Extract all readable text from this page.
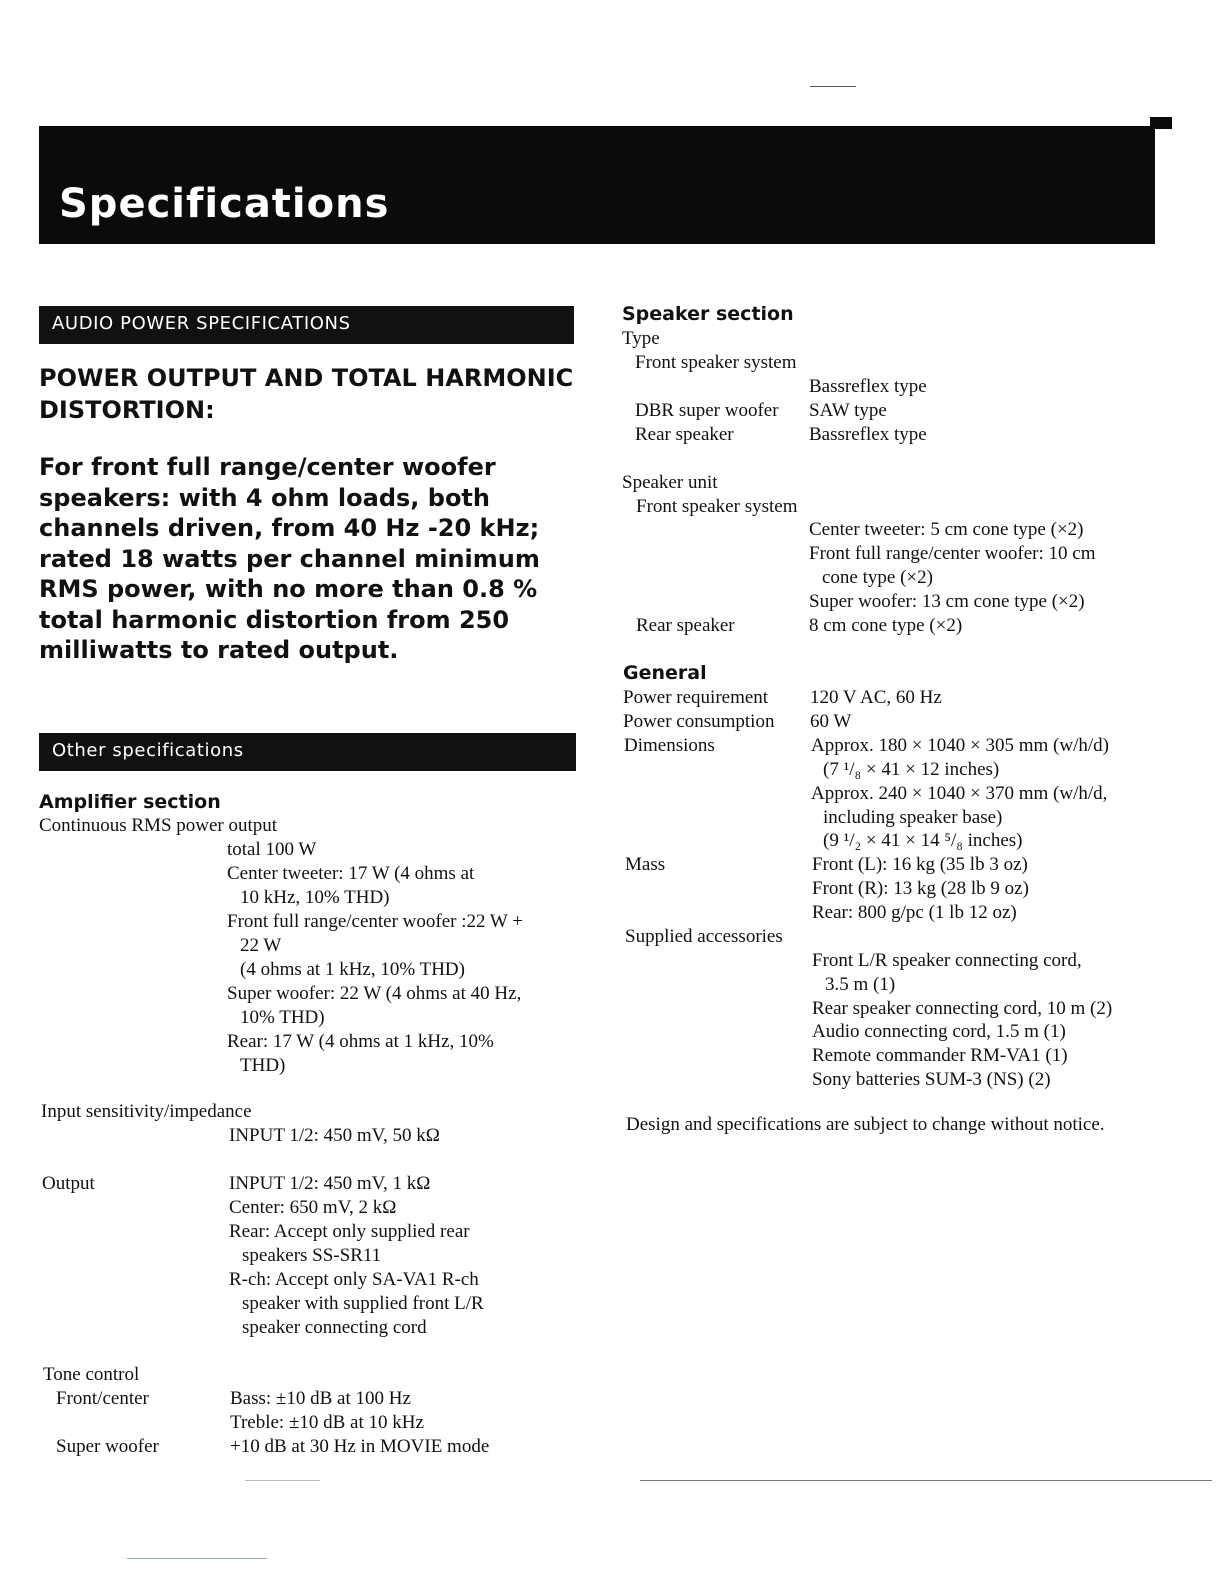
Specifications
AUDIO POWER SPECIFICATIONS
POWER OUTPUT AND TOTAL HARMONIC DISTORTION:
For front full range/center woofer speakers: with 4 ohm loads, both channels driven, from 40 Hz -20 kHz; rated 18 watts per channel minimum RMS power, with no more than 0.8 % total harmonic distortion from 250 milliwatts to rated output.
Other specifications
Amplifier section
Continuous RMS power output
total 100 W
Center tweeter: 17 W (4 ohms at
10 kHz, 10% THD)
Front full range/center woofer :22 W +
22 W
(4 ohms at 1 kHz, 10% THD)
Super woofer: 22 W (4 ohms at 40 Hz,
10% THD)
Rear: 17 W (4 ohms at 1 kHz, 10%
THD)
Input sensitivity/impedance
INPUT 1/2: 450 mV, 50 kΩ
Output	INPUT 1/2: 450 mV, 1 kΩ
Center: 650 mV, 2 kΩ
Rear: Accept only supplied rear
speakers SS-SR11
R-ch: Accept only SA-VA1 R-ch
speaker with supplied front L/R
speaker connecting cord
Tone control
Front/center	Bass: ±10 dB at 100 Hz
Treble: ±10 dB at 10 kHz
Super woofer	+10 dB at 30 Hz in MOVIE mode
Speaker section
Type
Front speaker system
Bassreflex type
DBR super woofer SAW type
Rear speaker	Bassreflex type
Speaker unit
Front speaker system
Center tweeter: 5 cm cone type (×2)
Front full range/center woofer: 10 cm
cone type (×2)
Super woofer: 13 cm cone type (×2)
Rear speaker	8 cm cone type (×2)
General
Power requirement 120 V AC, 60 Hz
Power consumption 60 W
Dimensions	Approx. 180 × 1040 × 305 mm (w/h/d)
(7 ¹/₈ × 41 × 12 inches)
Approx. 240 × 1040 × 370 mm (w/h/d,
including speaker base)
(9 ¹/₂ × 41 × 14 ⁵/₈ inches)
Mass	Front (L): 16 kg (35 lb 3 oz)
Front (R): 13 kg (28 lb 9 oz)
Rear: 800 g/pc (1 lb 12 oz)
Supplied accessories
Front L/R speaker connecting cord,
3.5 m (1)
Rear speaker connecting cord, 10 m (2)
Audio connecting cord, 1.5 m (1)
Remote commander RM-VA1 (1)
Sony batteries SUM-3 (NS) (2)
Design and specifications are subject to change without notice.
